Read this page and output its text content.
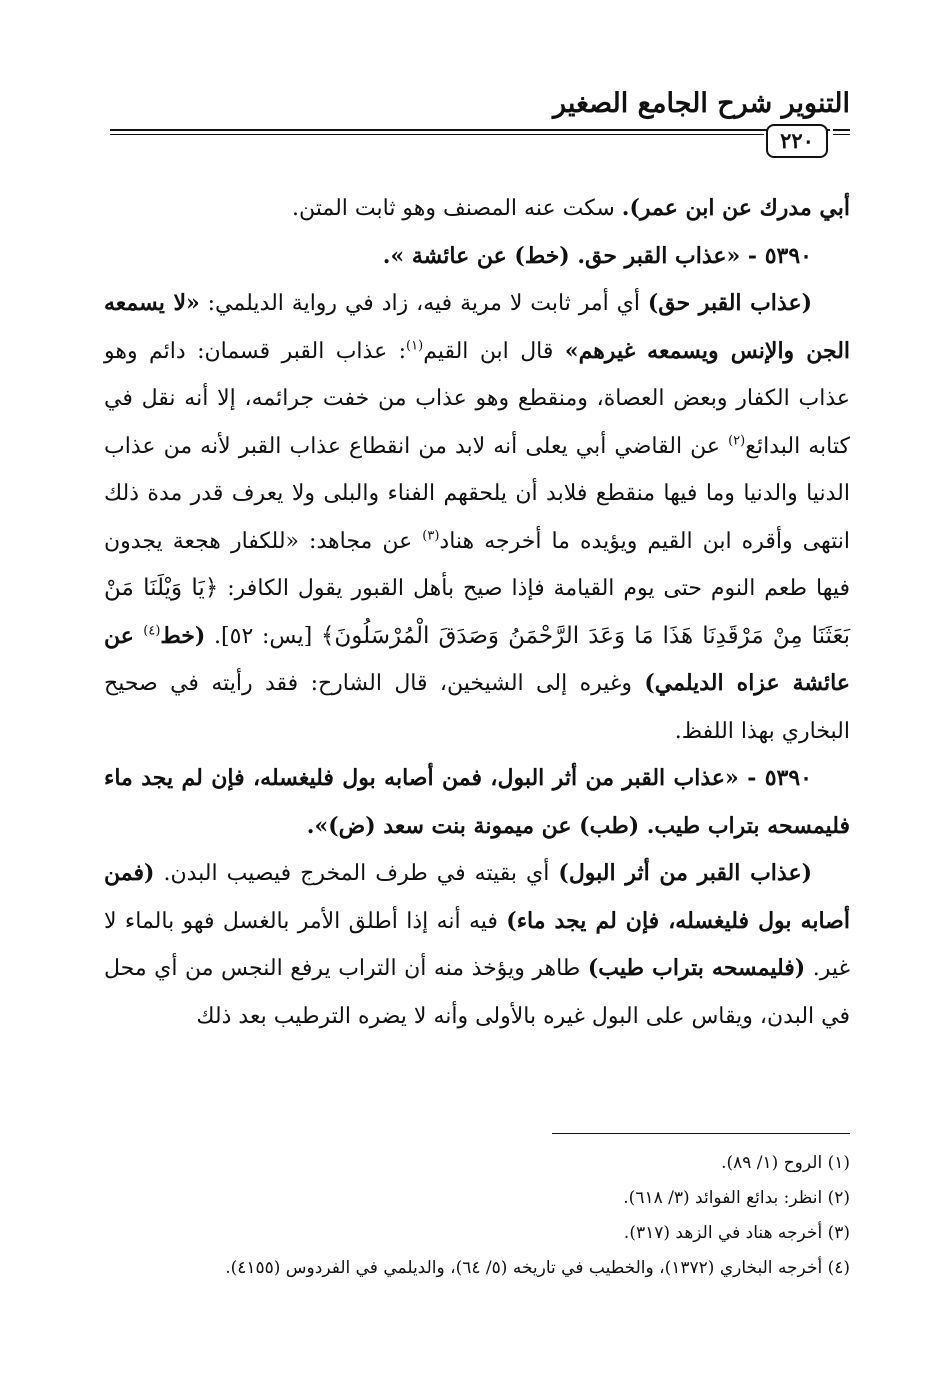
التنوير شرح الجامع الصغير
٢٢٠

أبي مدرك عن ابن عمر). سكت عنه المصنف وهو ثابت المتن.

٥٣٩٠ - «عذاب القبر حق. (خط) عن عائشة ».

(عذاب القبر حق) أي أمر ثابت لا مرية فيه، زاد في رواية الديلمي: «لا يسمعه الجن والإنس ويسمعه غيرهم» قال ابن القيم$^{(١)}$: عذاب القبر قسمان: دائم وهو عذاب الكفار وبعض العصاة، ومنقطع وهو عذاب من خفت جرائمه، إلا أنه نقل في كتابه البدائع$^{(٢)}$ عن القاضي أبي يعلى أنه لابد من انقطاع عذاب القبر لأنه من عذاب الدنيا والدنيا وما فيها منقطع فلابد أن يلحقهم الفناء والبلى ولا يعرف قدر مدة ذلك انتهى وأقره ابن القيم ويؤيده ما أخرجه هناد$^{(٣)}$ عن مجاهد: «للكفار هجعة يجدون فيها طعم النوم حتى يوم القيامة فإذا صيح بأهل القبور يقول الكافر: ﴿يَا وَيْلَنَا مَنْ بَعَثَنَا مِنْ مَرْقَدِنَا هَذَا مَا وَعَدَ الرَّحْمَنُ وَصَدَقَ الْمُرْسَلُونَ﴾ [يس: ٥٢]. (خط$^{(٤)}$ عن عائشة عزاه الديلمي) وغيره إلى الشيخين، قال الشارح: فقد رأيته في صحيح البخاري بهذا اللفظ.

٥٣٩٠ - «عذاب القبر من أثر البول، فمن أصابه بول فليغسله، فإن لم يجد ماء فليمسحه بتراب طيب. (طب) عن ميمونة بنت سعد (ض)».

(عذاب القبر من أثر البول) أي بقيته في طرف المخرج فيصيب البدن. (فمن أصابه بول فليغسله، فإن لم يجد ماء) فيه أنه إذا أطلق الأمر بالغسل فهو بالماء لا غير. (فليمسحه بتراب طيب) طاهر ويؤخذ منه أن التراب يرفع النجس من أي محل في البدن، ويقاس على البول غيره بالأولى وأنه لا يضره الترطيب بعد ذلك

(١) الروح (١/ ٨٩).
(٢) انظر: بدائع الفوائد (٣/ ٦١٨).
(٣) أخرجه هناد في الزهد (٣١٧).
(٤) أخرجه البخاري (١٣٧٢)، والخطيب في تاريخه (٥/ ٦٤)، والديلمي في الفردوس (٤١٥٥).
